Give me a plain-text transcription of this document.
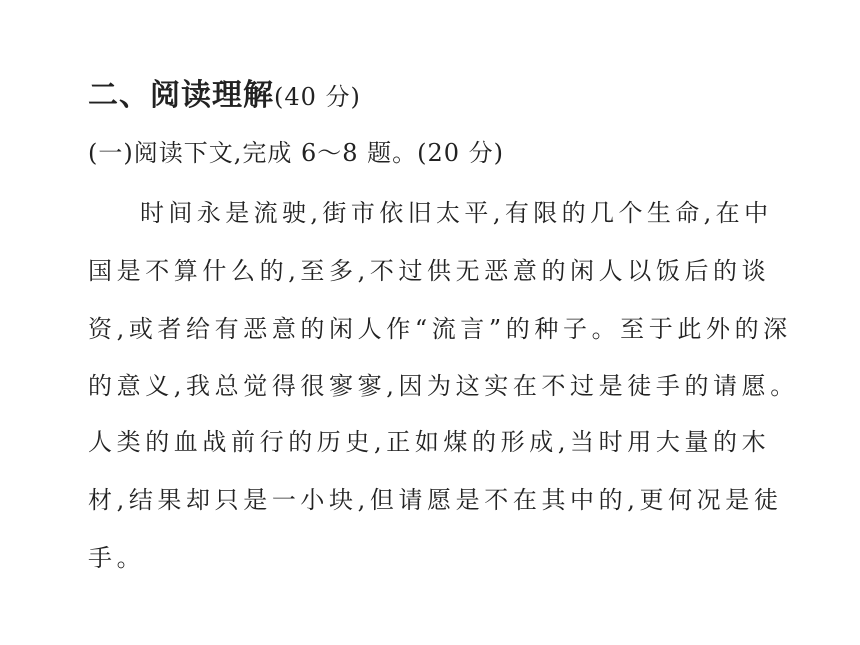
二、阅读理解(40 分)
(一)阅读下文,完成 6～8 题。(20 分)
时间永是流驶,街市依旧太平,有限的几个生命,在中
国是不算什么的,至多,不过供无恶意的闲人以饭后的谈
资,或者给有恶意的闲人作“流言”的种子。至于此外的深
的意义,我总觉得很寥寥,因为这实在不过是徒手的请愿。
人类的血战前行的历史,正如煤的形成,当时用大量的木
材,结果却只是一小块,但请愿是不在其中的,更何况是徒
手。
